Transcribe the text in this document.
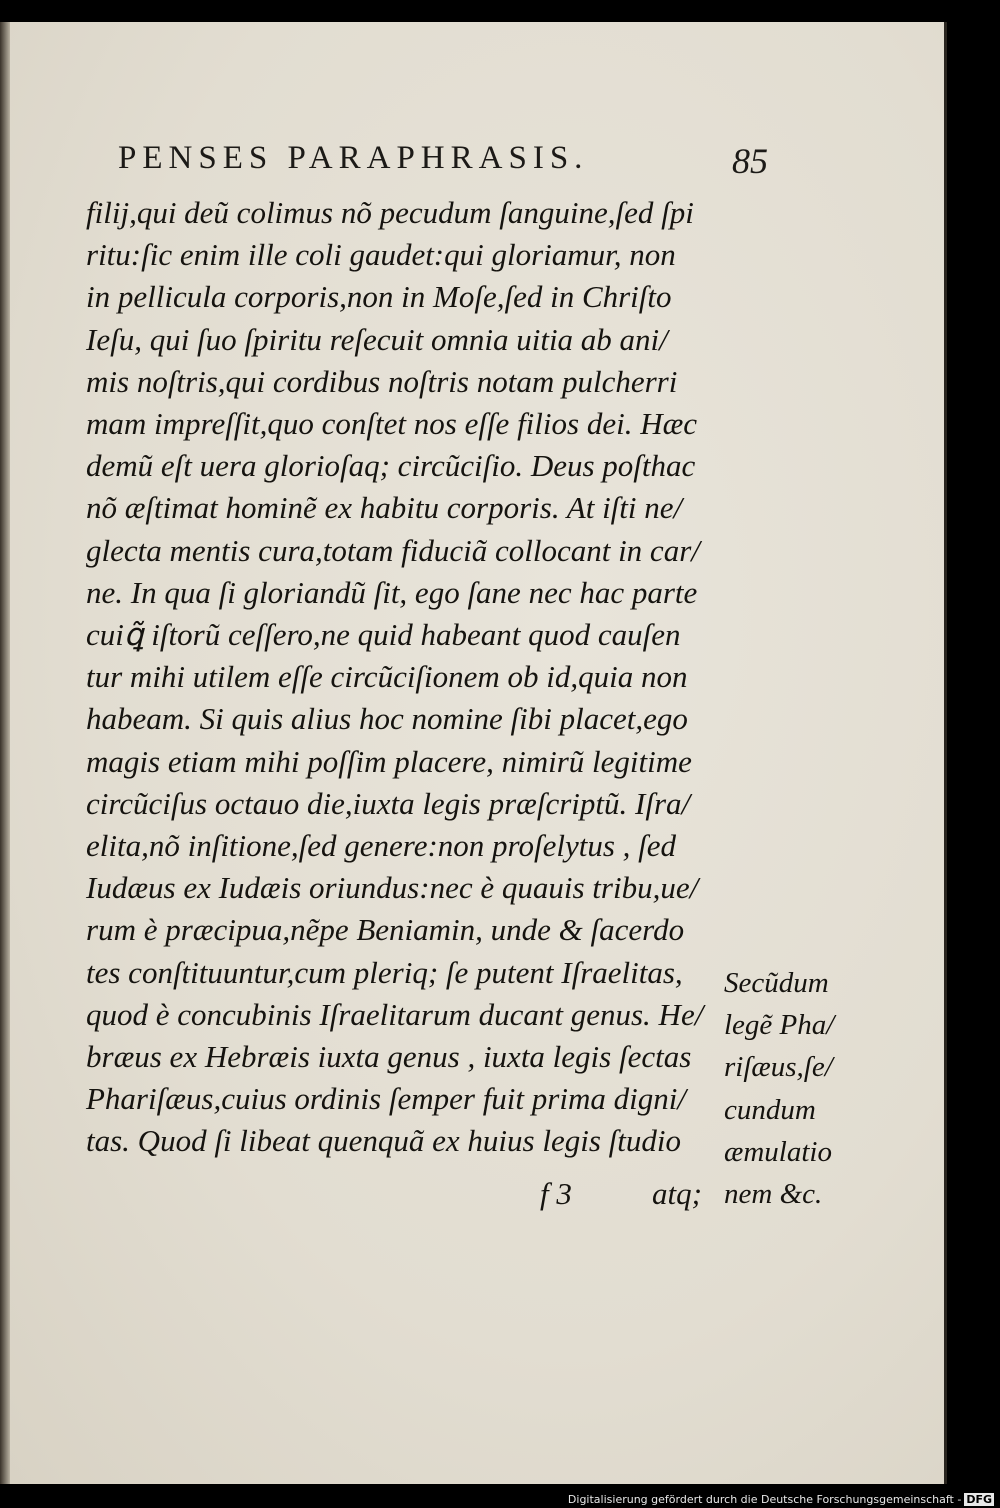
PENSES PARAPHRASIS.	85
filij,qui deũ colimus nõ pecudum ſanguine,ſed ſpi
ritu:ſic enim ille coli gaudet:qui gloriamur, non
in pellicula corporis,non in Moſe,ſed in Chriſto
Ieſu, qui ſuo ſpiritu reſecuit omnia uitia ab ani/
mis noſtris,qui cordibus noſtris notam pulcherri
mam impreſſit,quo conſtet nos eſſe filios dei. Hæc
demũ eſt uera glorioſaq; circũciſio. Deus poſthac
nõ æſtimat hominẽ ex habitu corporis. At iſti ne/
glecta mentis cura,totam fiduciã collocant in car/
ne. In qua ſi gloriandũ ſit, ego ſane nec hac parte
cuiꝗ̃ iſtorũ ceſſero,ne quid habeant quod cauſen
tur mihi utilem eſſe circũciſionem ob id,quia non
habeam. Si quis alius hoc nomine ſibi placet,ego
magis etiam mihi poſſim placere, nimirũ legitime
circũciſus octauo die,iuxta legis præſcriptũ. Iſra/
elita,nõ inſitione,ſed genere:non proſelytus , ſed
Iudæus ex Iudæis oriundus:nec è quauis tribu,ue/
rum è præcipua,nẽpe Beniamin, unde & ſacerdo
tes conſtituuntur,cum pleriq; ſe putent Iſraelitas,
quod è concubinis Iſraelitarum ducant genus. He/
bræus ex Hebræis iuxta genus , iuxta legis ſectas
Phariſæus,cuius ordinis ſemper fuit prima digni/
tas. Quod ſi libeat quenquã ex huius legis ſtudio
Secũdum
legẽ Pha/
riſæus,ſe/
cundum
æmulatio
nem &c.
f 3	atq;
Digitalisierung gefördert durch die Deutsche Forschungsgemeinschaft - DFG
